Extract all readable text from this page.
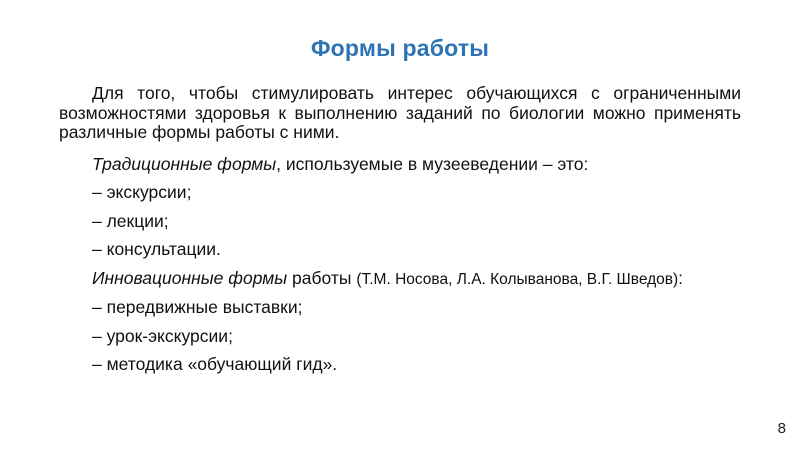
Формы работы

Для того, чтобы стимулировать интерес обучающихся с ограниченными возможностями здоровья к выполнению заданий по биологии можно применять различные формы работы с ними.

Традиционные формы, используемые в музееведении – это:

– экскурсии;

– лекции;

– консультации.

Инновационные формы работы (Т.М. Носова, Л.А. Колыванова, В.Г. Шведов):

– передвижные выставки;

– урок-экскурсии;

– методика «обучающий гид».

8
